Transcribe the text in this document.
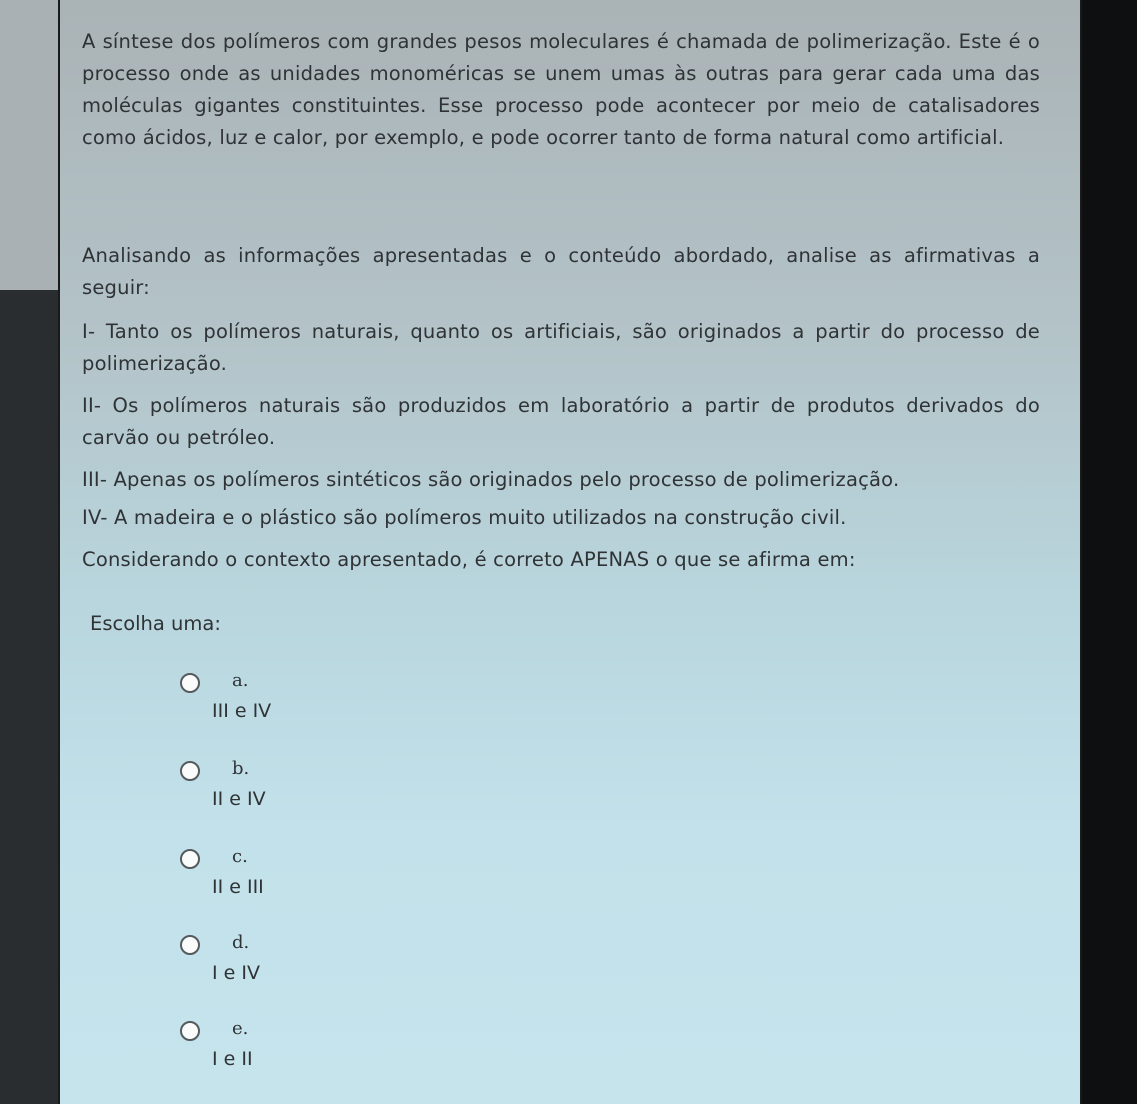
A síntese dos polímeros com grandes pesos moleculares é chamada de polimerização. Este é o processo onde as unidades monoméricas se unem umas às outras para gerar cada uma das moléculas gigantes constituintes. Esse processo pode acontecer por meio de catalisadores como ácidos, luz e calor, por exemplo, e pode ocorrer tanto de forma natural como artificial.

Analisando as informações apresentadas e o conteúdo abordado, analise as afirmativas a seguir:

I- Tanto os polímeros naturais, quanto os artificiais, são originados a partir do processo de polimerização.

II- Os polímeros naturais são produzidos em laboratório a partir de produtos derivados do carvão ou petróleo.

III- Apenas os polímeros sintéticos são originados pelo processo de polimerização.

IV- A madeira e o plástico são polímeros muito utilizados na construção civil.

Considerando o contexto apresentado, é correto APENAS o que se afirma em:

Escolha uma:

a.
III e IV
b.
II e IV
c.
II e III
d.
I e IV
e.
I e II
